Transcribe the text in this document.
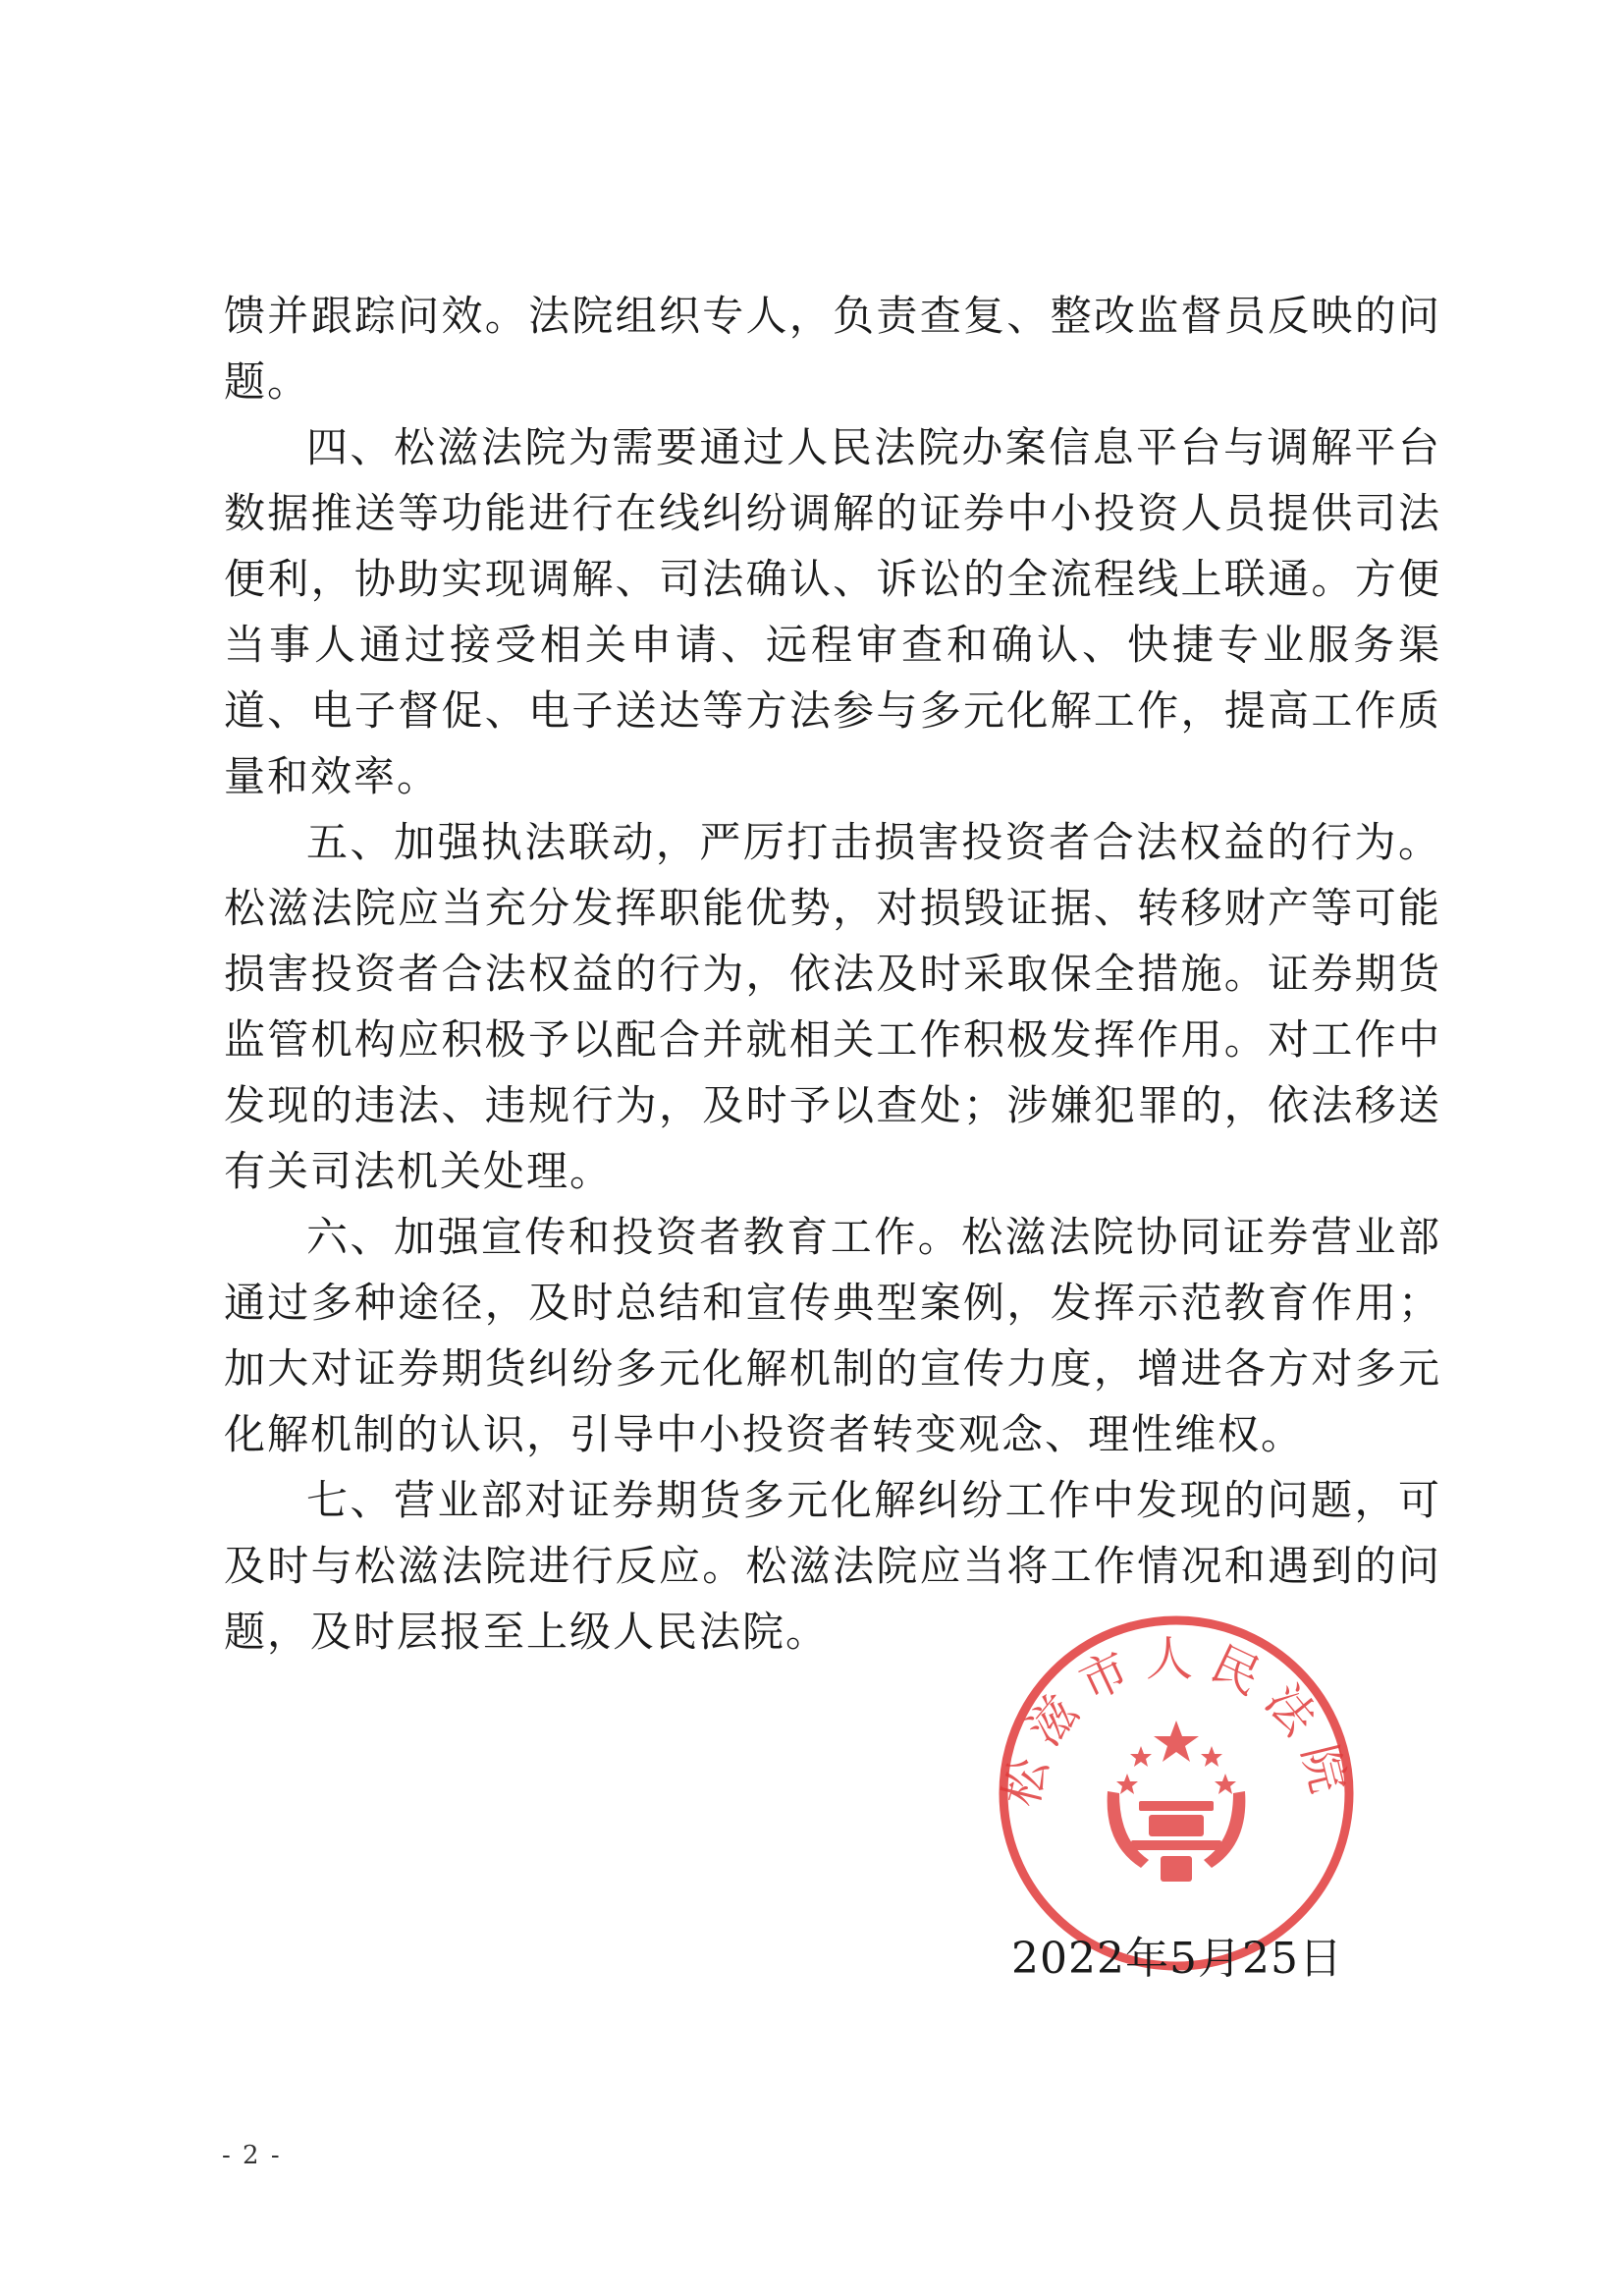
馈并跟踪问效。法院组织专人，负责查复、整改监督员反映的问题。

四、松滋法院为需要通过人民法院办案信息平台与调解平台数据推送等功能进行在线纠纷调解的证券中小投资人员提供司法便利，协助实现调解、司法确认、诉讼的全流程线上联通。方便当事人通过接受相关申请、远程审查和确认、快捷专业服务渠道、电子督促、电子送达等方法参与多元化解工作，提高工作质量和效率。

五、加强执法联动，严厉打击损害投资者合法权益的行为。松滋法院应当充分发挥职能优势，对损毁证据、转移财产等可能损害投资者合法权益的行为，依法及时采取保全措施。证券期货监管机构应积极予以配合并就相关工作积极发挥作用。对工作中发现的违法、违规行为，及时予以查处；涉嫌犯罪的，依法移送有关司法机关处理。

六、加强宣传和投资者教育工作。松滋法院协同证券营业部通过多种途径，及时总结和宣传典型案例，发挥示范教育作用；加大对证券期货纠纷多元化解机制的宣传力度，增进各方对多元化解机制的认识，引导中小投资者转变观念、理性维权。

七、营业部对证券期货多元化解纠纷工作中发现的问题，可及时与松滋法院进行反应。松滋法院应当将工作情况和遇到的问题，及时层报至上级人民法院。

松滋市人民法院
2022年5月25日
- 2 -
